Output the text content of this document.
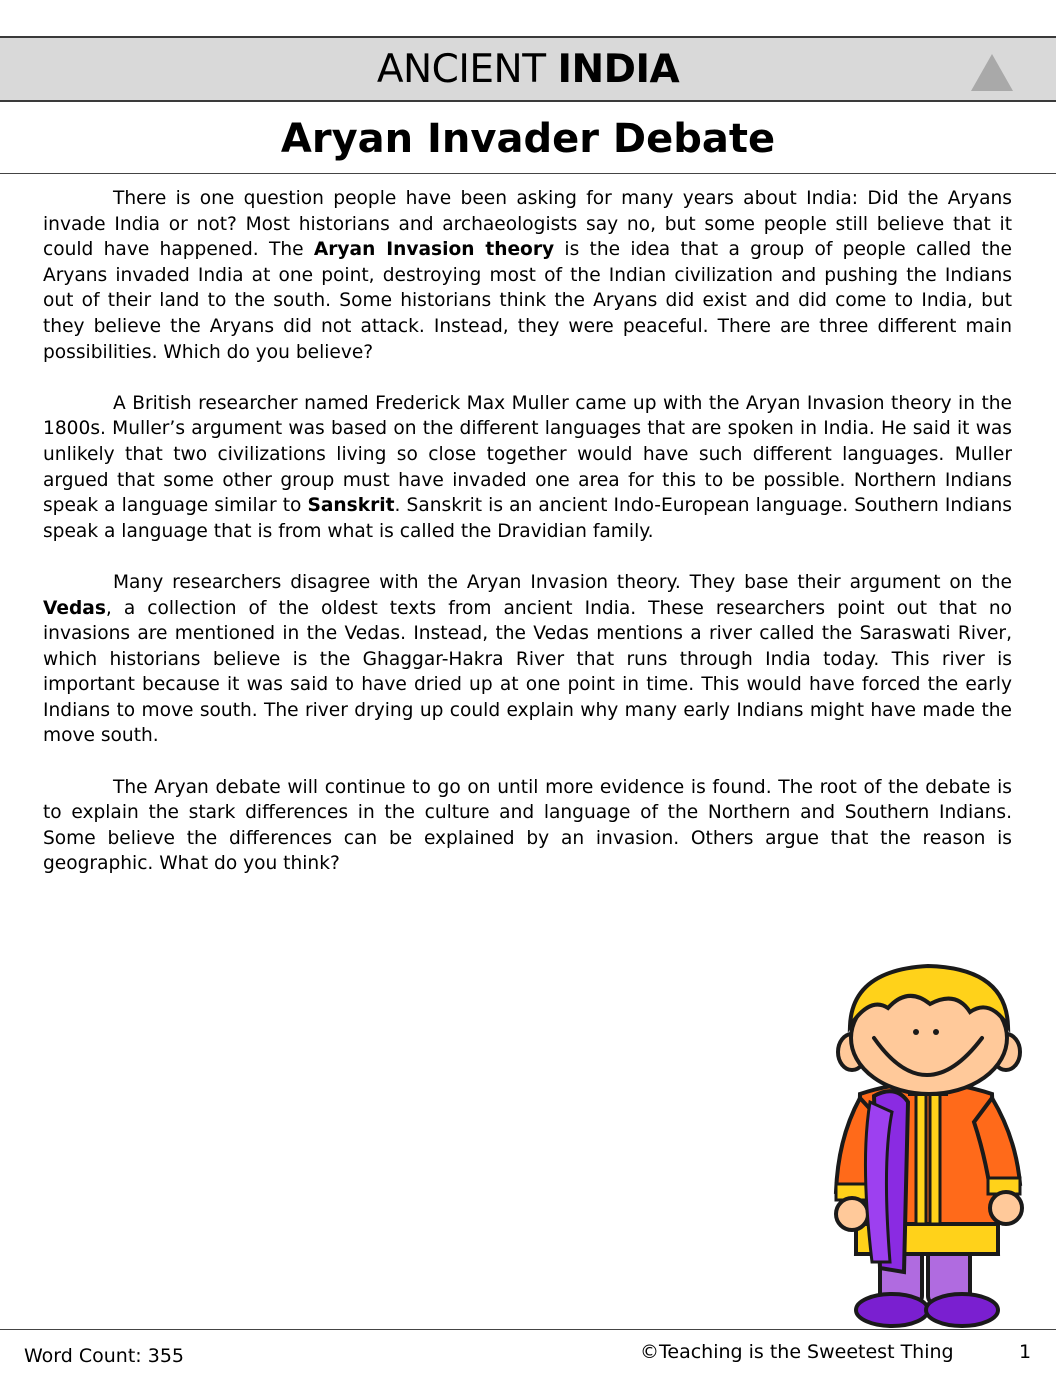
ANCIENT INDIA
Aryan Invader Debate

There is one question people have been asking for many years about India: Did the Aryans invade India or not? Most historians and archaeologists say no, but some people still believe that it could have happened. The Aryan Invasion theory is the idea that a group of people called the Aryans invaded India at one point, destroying most of the Indian civilization and pushing the Indians out of their land to the south. Some historians think the Aryans did exist and did come to India, but they believe the Aryans did not attack. Instead, they were peaceful. There are three different main possibilities. Which do you believe?

A British researcher named Frederick Max Muller came up with the Aryan Invasion theory in the 1800s. Muller’s argument was based on the different languages that are spoken in India. He said it was unlikely that two civilizations living so close together would have such different languages. Muller argued that some other group must have invaded one area for this to be possible. Northern Indians speak a language similar to Sanskrit. Sanskrit is an ancient Indo-European language. Southern Indians speak a language that is from what is called the Dravidian family.

Many researchers disagree with the Aryan Invasion theory. They base their argument on the Vedas, a collection of the oldest texts from ancient India. These researchers point out that no invasions are mentioned in the Vedas. Instead, the Vedas mentions a river called the Saraswati River, which historians believe is the Ghaggar-Hakra River that runs through India today. This river is important because it was said to have dried up at one point in time. This would have forced the early Indians to move south. The river drying up could explain why many early Indians might have made the move south.

The Aryan debate will continue to go on until more evidence is found. The root of the debate is to explain the stark differences in the culture and language of the Northern and Southern Indians. Some believe the differences can be explained by an invasion. Others argue that the reason is geographic. What do you think?

Word Count: 355	©Teaching is the Sweetest Thing	1
